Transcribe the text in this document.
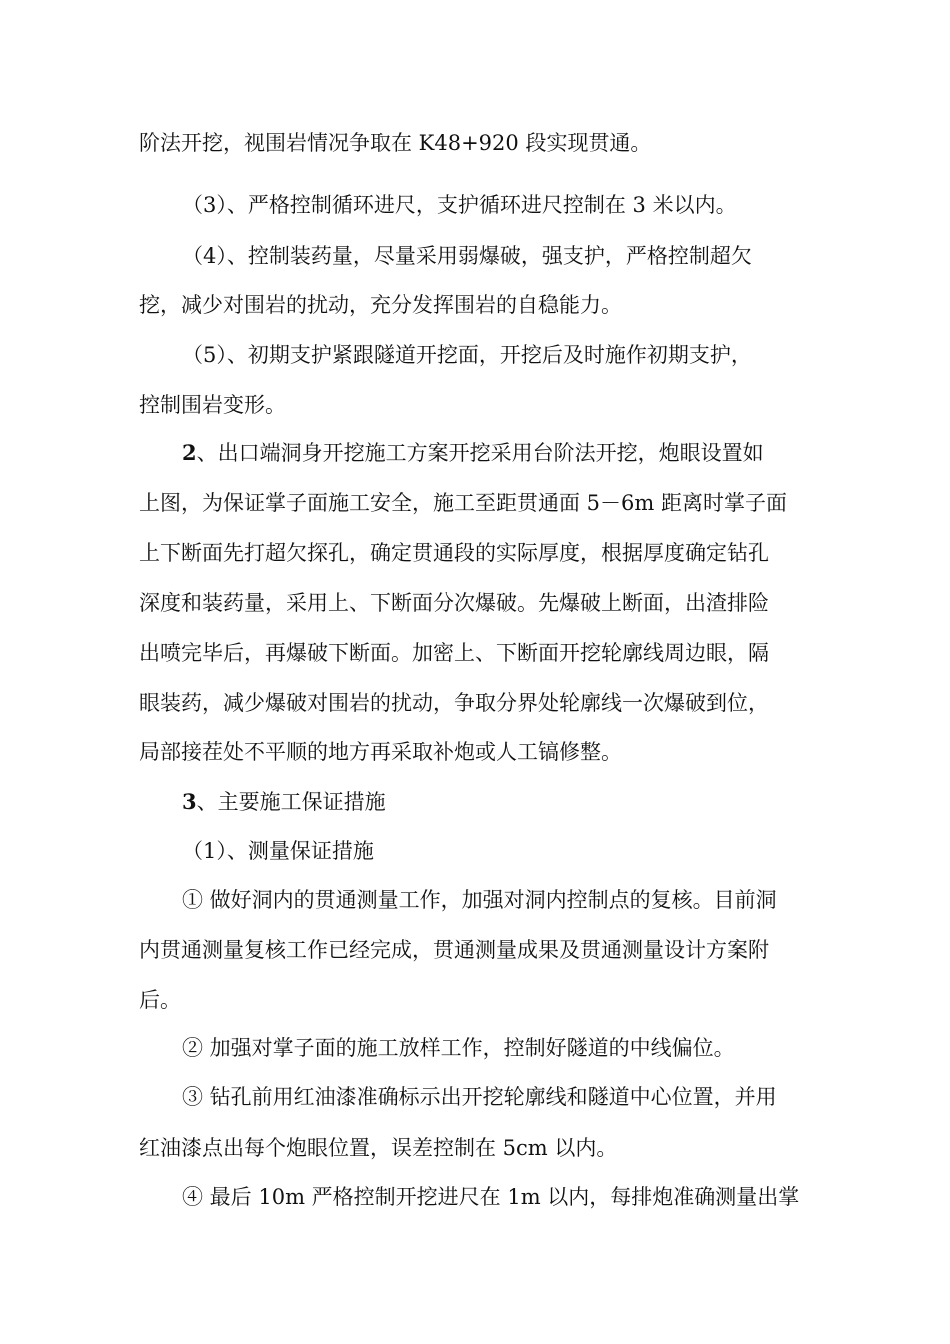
阶法开挖，视围岩情况争取在 K48+920 段实现贯通。

（3）、严格控制循环进尺，支护循环进尺控制在 3 米以内。

（4）、控制装药量，尽量采用弱爆破，强支护，严格控制超欠

挖，减少对围岩的扰动，充分发挥围岩的自稳能力。

（5）、初期支护紧跟隧道开挖面，开挖后及时施作初期支护，

控制围岩变形。

2、出口端洞身开挖施工方案开挖采用台阶法开挖，炮眼设置如

上图，为保证掌子面施工安全，施工至距贯通面 5－6m 距离时掌子面

上下断面先打超欠探孔，确定贯通段的实际厚度，根据厚度确定钻孔

深度和装药量，采用上、下断面分次爆破。先爆破上断面，出渣排险

出喷完毕后，再爆破下断面。加密上、下断面开挖轮廓线周边眼，隔

眼装药，减少爆破对围岩的扰动，争取分界处轮廓线一次爆破到位，

局部接茬处不平顺的地方再采取补炮或人工镐修整。

3、主要施工保证措施

（1）、测量保证措施

① 做好洞内的贯通测量工作，加强对洞内控制点的复核。目前洞

内贯通测量复核工作已经完成，贯通测量成果及贯通测量设计方案附

后。

② 加强对掌子面的施工放样工作，控制好隧道的中线偏位。

③ 钻孔前用红油漆准确标示出开挖轮廓线和隧道中心位置，并用

红油漆点出每个炮眼位置，误差控制在 5cm 以内。

④ 最后 10m 严格控制开挖进尺在 1m 以内，每排炮准确测量出掌
